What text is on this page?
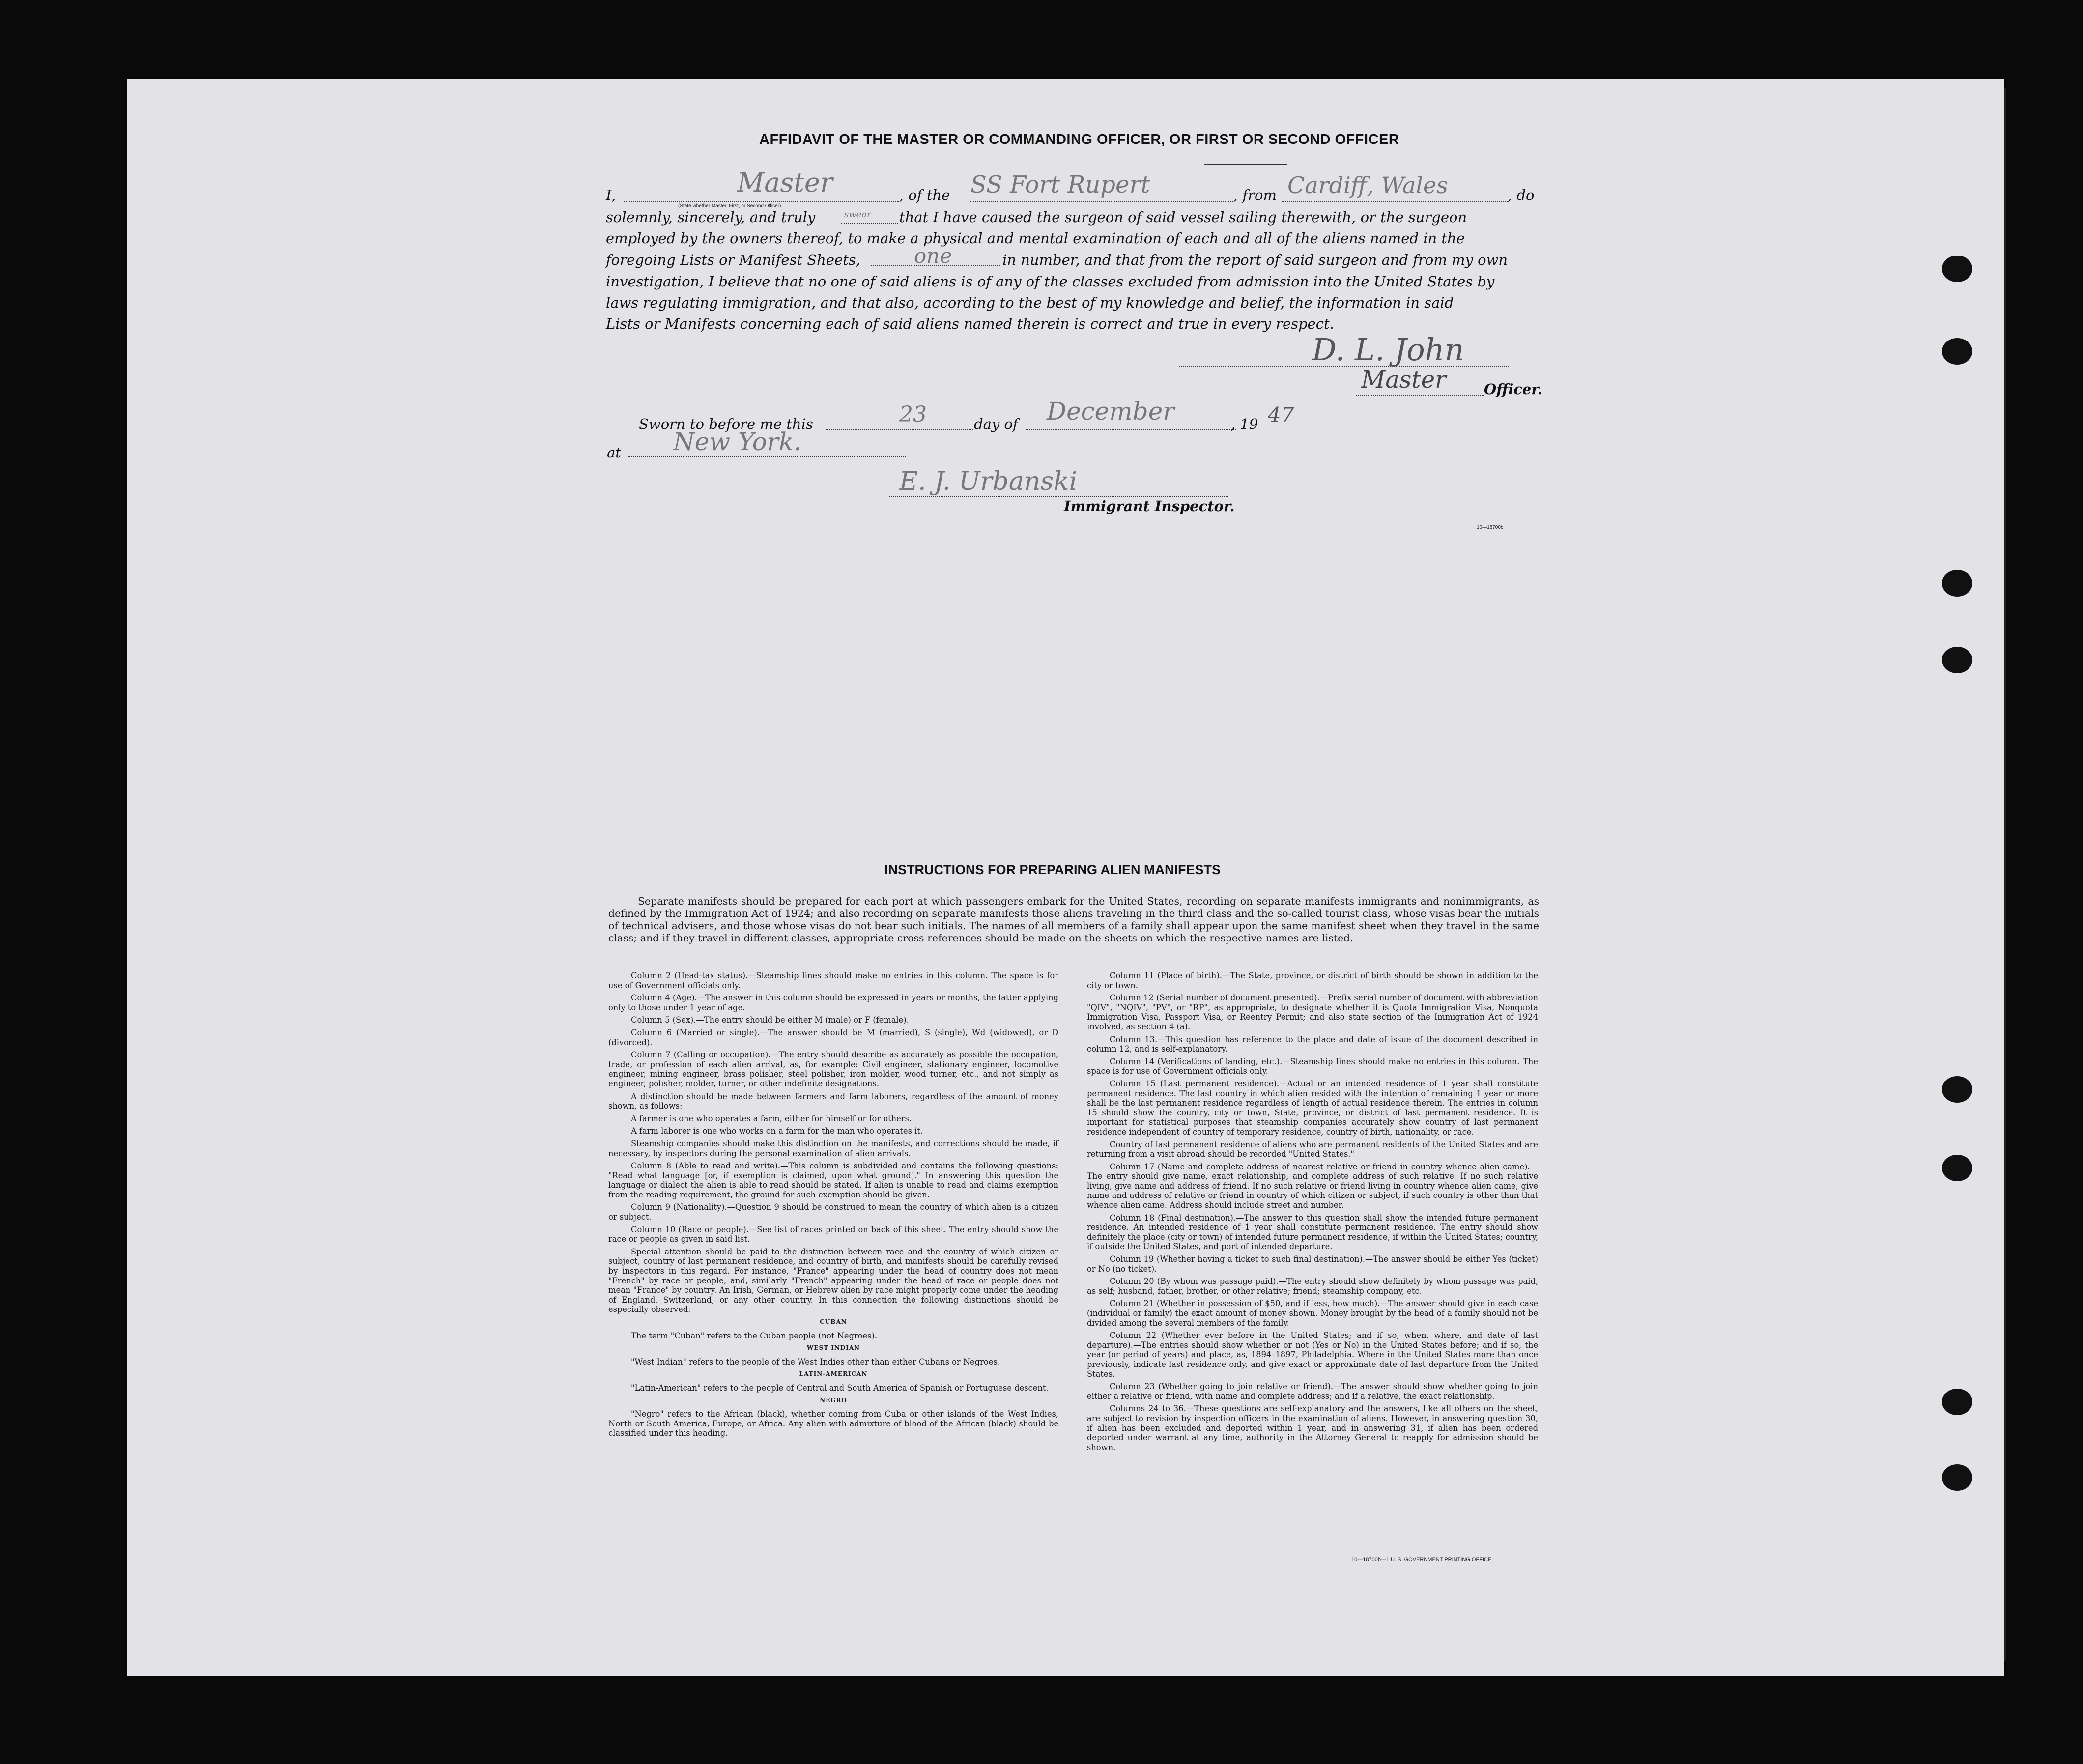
AFFIDAVIT OF THE MASTER OR COMMANDING OFFICER, OR FIRST OR SECOND OFFICER
I,	Master	, of the SS Fort Rupert	, from Cardiff, Wales	, do
(State whether Master, First, or Second Officer)
solemnly, sincerely, and truly	swear that I have caused the surgeon of said vessel sailing therewith, or the surgeon
employed by the owners thereof, to make a physical and mental examination of each and all of the aliens named in the
foregoing Lists or Manifest Sheets,	one	in number, and that from the report of said surgeon and from my own
investigation, I believe that no one of said aliens is of any of the classes excluded from admission into the United States by
laws regulating immigration, and that also, according to the best of my knowledge and belief, the information in said
Lists or Manifests concerning each of said aliens named therein is correct and true in every respect.
D. L. John
Master	Officer.
Sworn to before me this	23	day of December	, 19 47
at New York.
E. J. Urbanski
Immigrant Inspector.
10—18700b
INSTRUCTIONS FOR PREPARING ALIEN MANIFESTS
Separate manifests should be prepared for each port at which passengers embark for the United States, recording on separate manifests immigrants and nonimmigrants, as defined by the Immigration Act of 1924; and also recording on separate manifests those aliens traveling in the third class and the so-called tourist class, whose visas bear the initials of technical advisers, and those whose visas do not bear such initials. The names of all members of a family shall appear upon the same manifest sheet when they travel in the same class; and if they travel in different classes, appropriate cross references should be made on the sheets on which the respective names are listed.

Column 2 (Head-tax status).—Steamship lines should make no entries in this column. The space is for use of Government officials only.

Column 4 (Age).—The answer in this column should be expressed in years or months, the latter applying only to those under 1 year of age.

Column 5 (Sex).—The entry should be either M (male) or F (female).

Column 6 (Married or single).—The answer should be M (married), S (single), Wd (widowed), or D (divorced).

Column 7 (Calling or occupation).—The entry should describe as accurately as possible the occupation, trade, or profession of each alien arrival, as, for example: Civil engineer, stationary engineer, locomotive engineer, mining engineer, brass polisher, steel polisher, iron molder, wood turner, etc., and not simply as engineer, polisher, molder, turner, or other indefinite designations.

A distinction should be made between farmers and farm laborers, regardless of the amount of money shown, as follows:

A farmer is one who operates a farm, either for himself or for others.

A farm laborer is one who works on a farm for the man who operates it.

Steamship companies should make this distinction on the manifests, and corrections should be made, if necessary, by inspectors during the personal examination of alien arrivals.

Column 8 (Able to read and write).—This column is subdivided and contains the following questions: "Read what language [or, if exemption is claimed, upon what ground]." In answering this question the language or dialect the alien is able to read should be stated. If alien is unable to read and claims exemption from the reading requirement, the ground for such exemption should be given.

Column 9 (Nationality).—Question 9 should be construed to mean the country of which alien is a citizen or subject.

Column 10 (Race or people).—See list of races printed on back of this sheet. The entry should show the race or people as given in said list.

Special attention should be paid to the distinction between race and the country of which citizen or subject, country of last permanent residence, and country of birth, and manifests should be carefully revised by inspectors in this regard. For instance, "France" appearing under the head of country does not mean "French" by race or people, and, similarly "French" appearing under the head of race or people does not mean "France" by country. An Irish, German, or Hebrew alien by race might properly come under the heading of England, Switzerland, or any other country. In this connection the following distinctions should be especially observed:

CUBAN

The term "Cuban" refers to the Cuban people (not Negroes).

WEST INDIAN

"West Indian" refers to the people of the West Indies other than either Cubans or Negroes.

LATIN-AMERICAN

"Latin-American" refers to the people of Central and South America of Spanish or Portuguese descent.

NEGRO

"Negro" refers to the African (black), whether coming from Cuba or other islands of the West Indies, North or South America, Europe, or Africa. Any alien with admixture of blood of the African (black) should be classified under this heading.

Column 11 (Place of birth).—The State, province, or district of birth should be shown in addition to the city or town.

Column 12 (Serial number of document presented).—Prefix serial number of document with abbreviation "QIV", "NQIV", "PV", or "RP", as appropriate, to designate whether it is Quota Immigration Visa, Nonquota Immigration Visa, Passport Visa, or Reentry Permit; and also state section of the Immigration Act of 1924 involved, as section 4 (a).

Column 13.—This question has reference to the place and date of issue of the document described in column 12, and is self-explanatory.

Column 14 (Verifications of landing, etc.).—Steamship lines should make no entries in this column. The space is for use of Government officials only.

Column 15 (Last permanent residence).—Actual or an intended residence of 1 year shall constitute permanent residence. The last country in which alien resided with the intention of remaining 1 year or more shall be the last permanent residence regardless of length of actual residence therein. The entries in column 15 should show the country, city or town, State, province, or district of last permanent residence. It is important for statistical purposes that steamship companies accurately show country of last permanent residence independent of country of temporary residence, country of birth, nationality, or race.

Country of last permanent residence of aliens who are permanent residents of the United States and are returning from a visit abroad should be recorded "United States."

Column 17 (Name and complete address of nearest relative or friend in country whence alien came).—The entry should give name, exact relationship, and complete address of such relative. If no such relative living, give name and address of friend. If no such relative or friend living in country whence alien came, give name and address of relative or friend in country of which citizen or subject, if such country is other than that whence alien came. Address should include street and number.

Column 18 (Final destination).—The answer to this question shall show the intended future permanent residence. An intended residence of 1 year shall constitute permanent residence. The entry should show definitely the place (city or town) of intended future permanent residence, if within the United States; country, if outside the United States, and port of intended departure.

Column 19 (Whether having a ticket to such final destination).—The answer should be either Yes (ticket) or No (no ticket).

Column 20 (By whom was passage paid).—The entry should show definitely by whom passage was paid, as self; husband, father, brother, or other relative; friend; steamship company, etc.

Column 21 (Whether in possession of $50, and if less, how much).—The answer should give in each case (individual or family) the exact amount of money shown. Money brought by the head of a family should not be divided among the several members of the family.

Column 22 (Whether ever before in the United States; and if so, when, where, and date of last departure).—The entries should show whether or not (Yes or No) in the United States before; and if so, the year (or period of years) and place, as, 1894–1897, Philadelphia. Where in the United States more than once previously, indicate last residence only, and give exact or approximate date of last departure from the United States.

Column 23 (Whether going to join relative or friend).—The answer should show whether going to join either a relative or friend, with name and complete address; and if a relative, the exact relationship.

Columns 24 to 36.—These questions are self-explanatory and the answers, like all others on the sheet, are subject to revision by inspection officers in the examination of aliens. However, in answering question 30, if alien has been excluded and deported within 1 year, and in answering 31, if alien has been ordered deported under warrant at any time, authority in the Attorney General to reapply for admission should be shown.

10—18700b—1 U. S. GOVERNMENT PRINTING OFFICE
